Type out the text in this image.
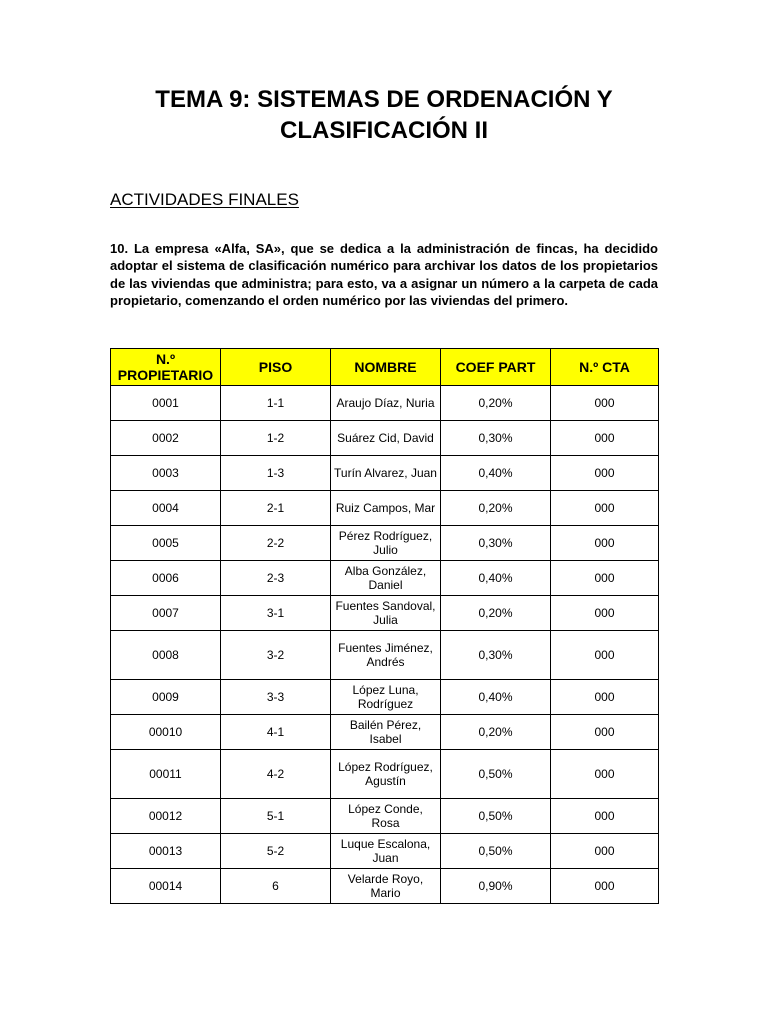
TEMA 9: SISTEMAS DE ORDENACIÓN Y
CLASIFICACIÓN II
ACTIVIDADES FINALES

10. La empresa «Alfa, SA», que se dedica a la administración de fincas, ha decidido adoptar el sistema de clasificación numérico para archivar los datos de los propietarios de las viviendas que administra; para esto, va a asignar un número a la carpeta de cada propietario, comenzando el orden numérico por las viviendas del primero.

N.º PROPIETARIO	PISO	NOMBRE	COEF PART	N.º CTA
0001	1-1	Araujo Díaz, Nuria	0,20%	000
0002	1-2	Suárez Cid, David	0,30%	000
0003	1-3	Turín Alvarez, Juan	0,40%	000
0004	2-1	Ruiz Campos, Mar	0,20%	000
0005	2-2	Pérez Rodríguez, Julio	0,30%	000
0006	2-3	Alba González, Daniel	0,40%	000
0007	3-1	Fuentes Sandoval, Julia	0,20%	000
0008	3-2	Fuentes Jiménez, Andrés	0,30%	000
0009	3-3	López Luna, Rodríguez	0,40%	000
00010	4-1	Bailén Pérez, Isabel	0,20%	000
00011	4-2	López Rodríguez, Agustín	0,50%	000
00012	5-1	López Conde, Rosa	0,50%	000
00013	5-2	Luque Escalona, Juan	0,50%	000
00014	6	Velarde Royo, Mario	0,90%	000
